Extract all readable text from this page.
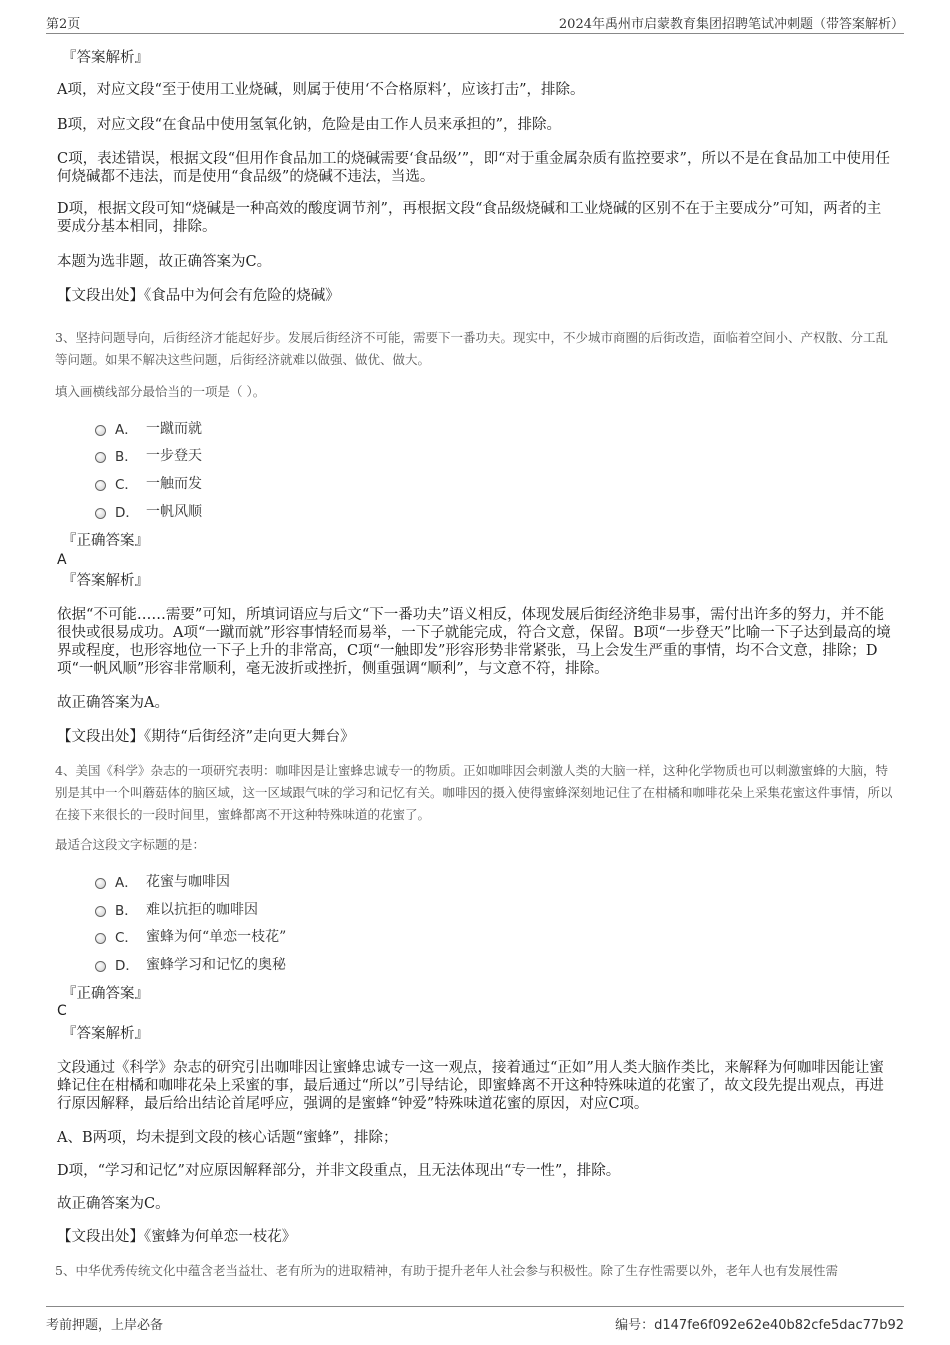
第2页	2024年禹州市启蒙教育集团招聘笔试冲刺题（带答案解析）
『答案解析』
A项，对应文段“至于使用工业烧碱，则属于使用‘不合格原料’，应该打击”，排除。
B项，对应文段“在食品中使用氢氧化钠，危险是由工作人员来承担的”，排除。
C项，表述错误，根据文段“但用作食品加工的烧碱需要‘食品级’”，即“对于重金属杂质有监控要求”，所以不是在食品加工中使用任何烧碱都不违法，而是使用“食品级”的烧碱不违法，当选。
D项，根据文段可知“烧碱是一种高效的酸度调节剂”，再根据文段“食品级烧碱和工业烧碱的区别不在于主要成分”可知，两者的主要成分基本相同，排除。
本题为选非题，故正确答案为C。
【文段出处】《食品中为何会有危险的烧碱》
3、坚持问题导向，后街经济才能起好步。发展后街经济不可能，需要下一番功夫。现实中，不少城市商圈的后街改造，面临着空间小、产权散、分工乱等问题。如果不解决这些问题，后街经济就难以做强、做优、做大。
填入画横线部分最恰当的一项是（ ）。
A． 一蹴而就
B． 一步登天
C． 一触而发
D． 一帆风顺
『正确答案』
A
『答案解析』
依据“不可能……需要”可知，所填词语应与后文“下一番功夫”语义相反，体现发展后街经济绝非易事，需付出许多的努力，并不能很快或很易成功。A项“一蹴而就”形容事情轻而易举，一下子就能完成，符合文意，保留。B项“一步登天”比喻一下子达到最高的境界或程度，也形容地位一下子上升的非常高，C项“一触即发”形容形势非常紧张，马上会发生严重的事情，均不合文意，排除；D项“一帆风顺”形容非常顺利，毫无波折或挫折，侧重强调“顺利”，与文意不符，排除。
故正确答案为A。
【文段出处】《期待“后街经济”走向更大舞台》
4、美国《科学》杂志的一项研究表明：咖啡因是让蜜蜂忠诚专一的物质。正如咖啡因会刺激人类的大脑一样，这种化学物质也可以刺激蜜蜂的大脑，特别是其中一个叫蘑菇体的脑区域，这一区域跟气味的学习和记忆有关。咖啡因的摄入使得蜜蜂深刻地记住了在柑橘和咖啡花朵上采集花蜜这件事情，所以在接下来很长的一段时间里，蜜蜂都离不开这种特殊味道的花蜜了。
最适合这段文字标题的是：
A． 花蜜与咖啡因
B． 难以抗拒的咖啡因
C． 蜜蜂为何“单恋一枝花”
D． 蜜蜂学习和记忆的奥秘
『正确答案』
C
『答案解析』
文段通过《科学》杂志的研究引出咖啡因让蜜蜂忠诚专一这一观点，接着通过“正如”用人类大脑作类比，来解释为何咖啡因能让蜜蜂记住在柑橘和咖啡花朵上采蜜的事，最后通过“所以”引导结论，即蜜蜂离不开这种特殊味道的花蜜了，故文段先提出观点，再进行原因解释，最后给出结论首尾呼应，强调的是蜜蜂“钟爱”特殊味道花蜜的原因，对应C项。
A、B两项，均未提到文段的核心话题“蜜蜂”，排除；
D项，“学习和记忆”对应原因解释部分，并非文段重点，且无法体现出“专一性”，排除。
故正确答案为C。
【文段出处】《蜜蜂为何单恋一枝花》
5、中华优秀传统文化中蕴含老当益壮、老有所为的进取精神，有助于提升老年人社会参与积极性。除了生存性需要以外，老年人也有发展性需
考前押题，上岸必备	编号：d147fe6f092e62e40b82cfe5dac77b92
